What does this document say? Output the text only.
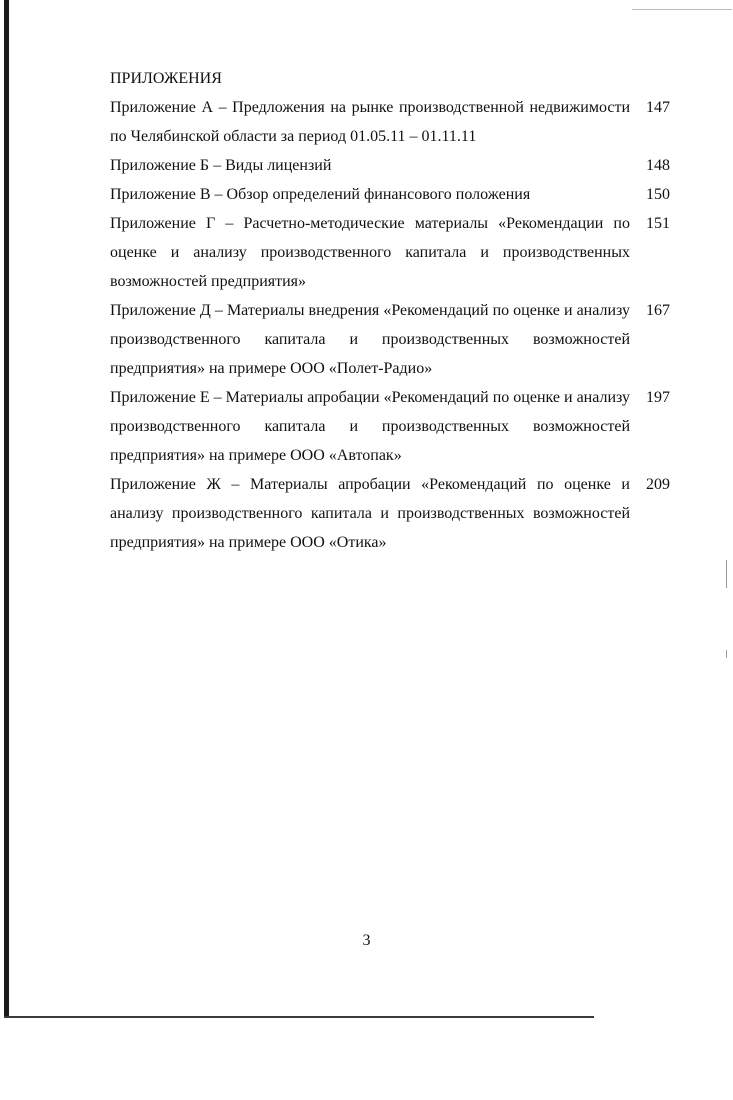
ПРИЛОЖЕНИЯ

Приложение А – Предложения на рынке производственной недвижимости по Челябинской области за период 01.05.11 – 01.11.11
147
Приложение Б – Виды лицензий	148
Приложение В – Обзор определений финансового положения	150
Приложение Г – Расчетно-методические материалы «Рекомендации по оценке и анализу производственного капитала и производственных возможностей предприятия»
151
Приложение Д – Материалы внедрения «Рекомендаций по оценке и анализу производственного капитала и производственных возможностей предприятия» на примере ООО «Полет-Радио»
167
Приложение Е – Материалы апробации «Рекомендаций по оценке и анализу производственного капитала и производственных возможностей предприятия» на примере ООО «Автопак»
197
Приложение Ж – Материалы апробации «Рекомендаций по оценке и анализу производственного капитала и производственных возможностей предприятия» на примере ООО «Отика»
209
3
